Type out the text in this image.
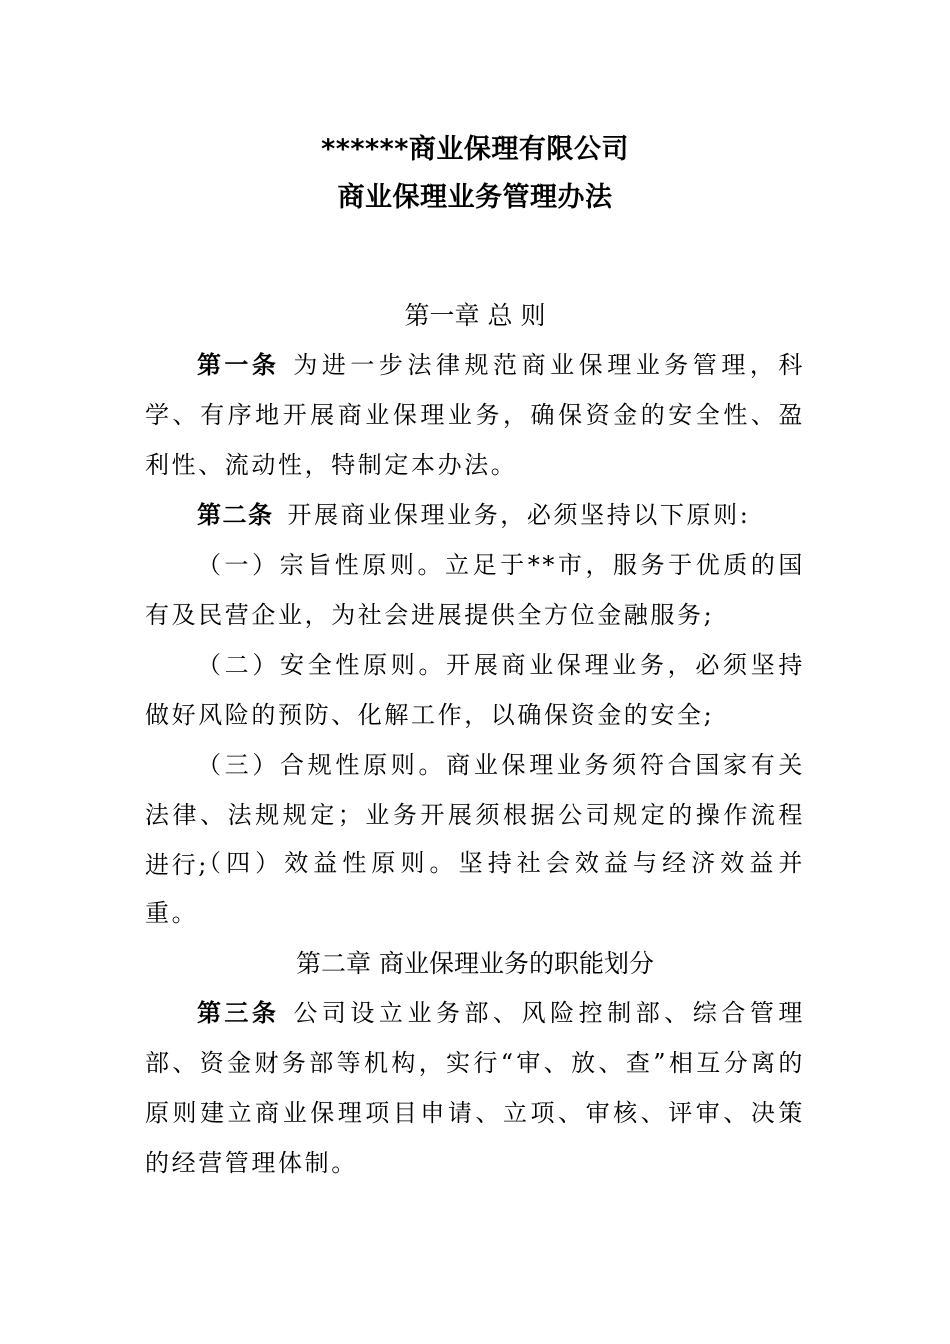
******商业保理有限公司
商业保理业务管理办法
第一章 总 则
第一条 为进一步法律规范商业保理业务管理，科学、有序地开展商业保理业务，确保资金的安全性、盈利性、流动性，特制定本办法。
第二条 开展商业保理业务，必须坚持以下原则:
（一）宗旨性原则。立足于**市，服务于优质的国有及民营企业，为社会进展提供全方位金融服务;
（二）安全性原则。开展商业保理业务，必须坚持做好风险的预防、化解工作，以确保资金的安全;
（三）合规性原则。商业保理业务须符合国家有关法律、法规规定；业务开展须根据公司规定的操作流程进行;
（四）效益性原则。坚持社会效益与经济效益并重。
第二章 商业保理业务的职能划分
第三条 公司设立业务部、风险控制部、综合管理部、资金财务部等机构，实行“审、放、查”相互分离的原则建立商业保理项目申请、立项、审核、评审、决策的经营管理体制。
